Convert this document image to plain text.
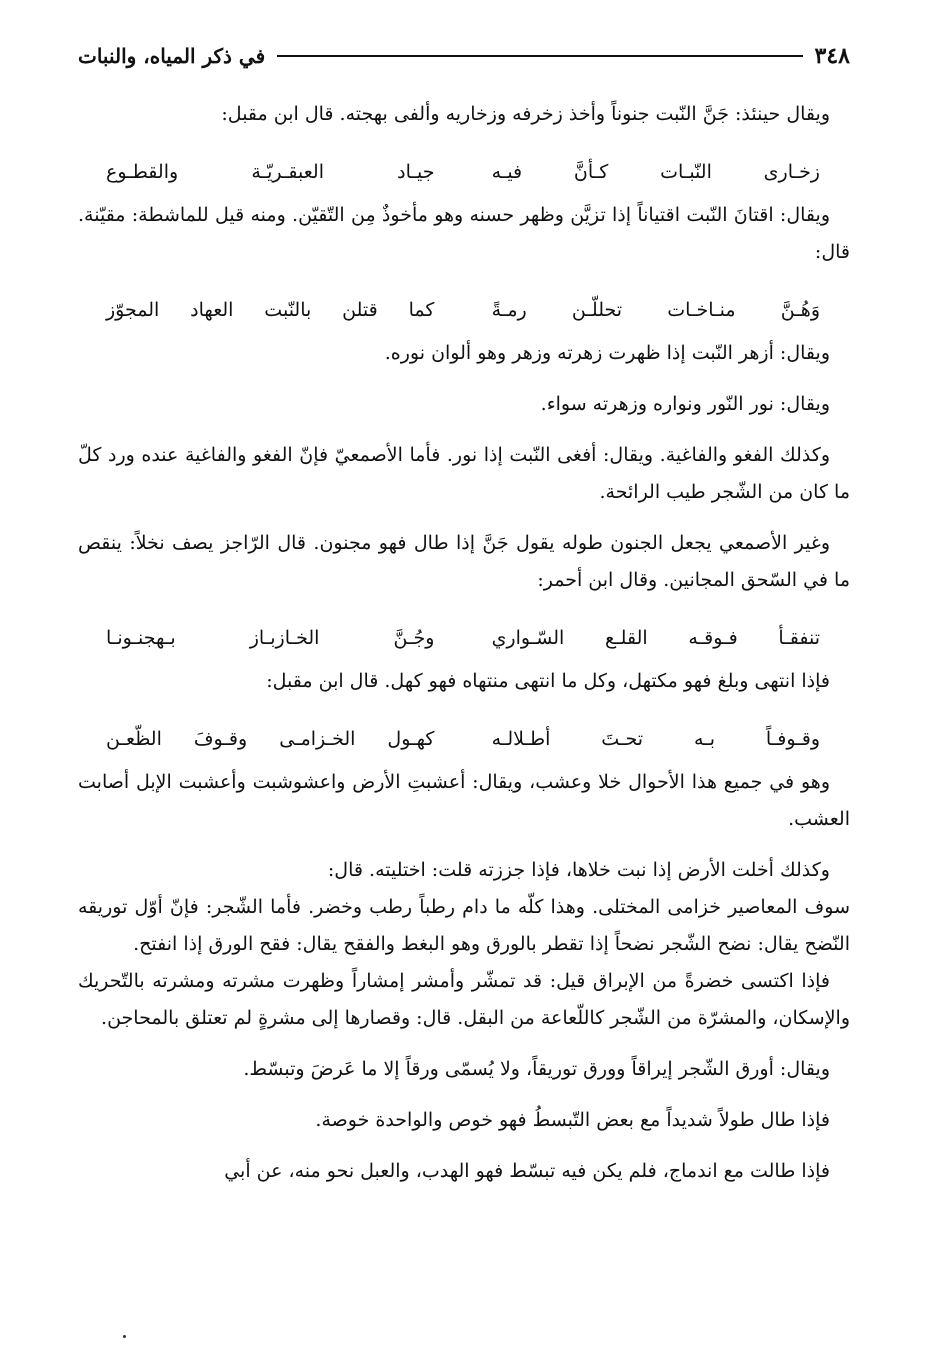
٣٤٨
في ذكر المياه، والنبات

ويقال حينئذ: جَنَّ النّبت جنوناً وأخذ زخرفه وزخاريه وألفى بهجته. قال ابن مقبل:

زخـارى النّبـات كـأنَّ فيـه
جيـاد العبقـريّـة والقطـوع

ويقال: اقتانَ النّبت اقتياناً إذا تزيَّن وظهر حسنه وهو مأخوذٌ مِن التّقيّن. ومنه قيل للماشطة: مقيّنة. قال:

وَهُـنَّ منـاخـات تحللّـن رمـةً
كما قتلن بالنّبت العهاد المجوّز

ويقال: أزهر النّبت إذا ظهرت زهرته وزهر وهو ألوان نوره.

ويقال: نور النّور ونواره وزهرته سواء.

وكذلك الفغو والفاغية. ويقال: أفغى النّبت إذا نور. فأما الأصمعيّ فإنّ الفغو والفاغية عنده ورد كلّ ما كان من الشّجر طيب الرائحة.

وغير الأصمعي يجعل الجنون طوله يقول جَنَّ إذا طال فهو مجنون. قال الرّاجز يصف نخلاً: ينقص ما في السّحق المجانين. وقال ابن أحمر:

تنفقـأ فـوقـه القلـع السّـواري
وجُـنَّ الخـازبـاز بـهجنـونـا

فإذا انتهى وبلغ فهو مكتهل، وكل ما انتهى منتهاه فهو كهل. قال ابن مقبل:

وقـوفـاً بـه تحـتَ أطـلالـه
كهـول الخـزامـى وقـوفَ الظّعـن

وهو في جميع هذا الأحوال خلا وعشب، ويقال: أعشبتِ الأرض واعشوشبت وأعشبت الإبل أصابت العشب.

وكذلك أخلت الأرض إذا نبت خلاها، فإذا جززته قلت: اختليته. قال:

سوف المعاصير خزامى المختلى. وهذا كلّه ما دام رطباً رطب وخضر. فأما الشّجر: فإنّ أوّل توريقه النّضح يقال: نضح الشّجر نضحاً إذا تقطر بالورق وهو البغط والفقح يقال: فقح الورق إذا انفتح.

فإذا اكتسى خضرةً من الإبراق قيل: قد تمشّر وأمشر إمشاراً وظهرت مشرته ومشرته بالتّحريك والإسكان، والمشرّة من الشّجر كاللّعاعة من البقل. قال: وقصارها إلى مشرةٍ لم تعتلق بالمحاجن.

ويقال: أورق الشّجر إيراقاً وورق توريقاً، ولا يُسمّى ورقاً إلا ما عَرضَ وتبسّط.

فإذا طال طولاً شديداً مع بعض التّبسطُ فهو خوص والواحدة خوصة.

فإذا طالت مع اندماج، فلم يكن فيه تبسّط فهو الهدب، والعبل نحو منه، عن أبي
